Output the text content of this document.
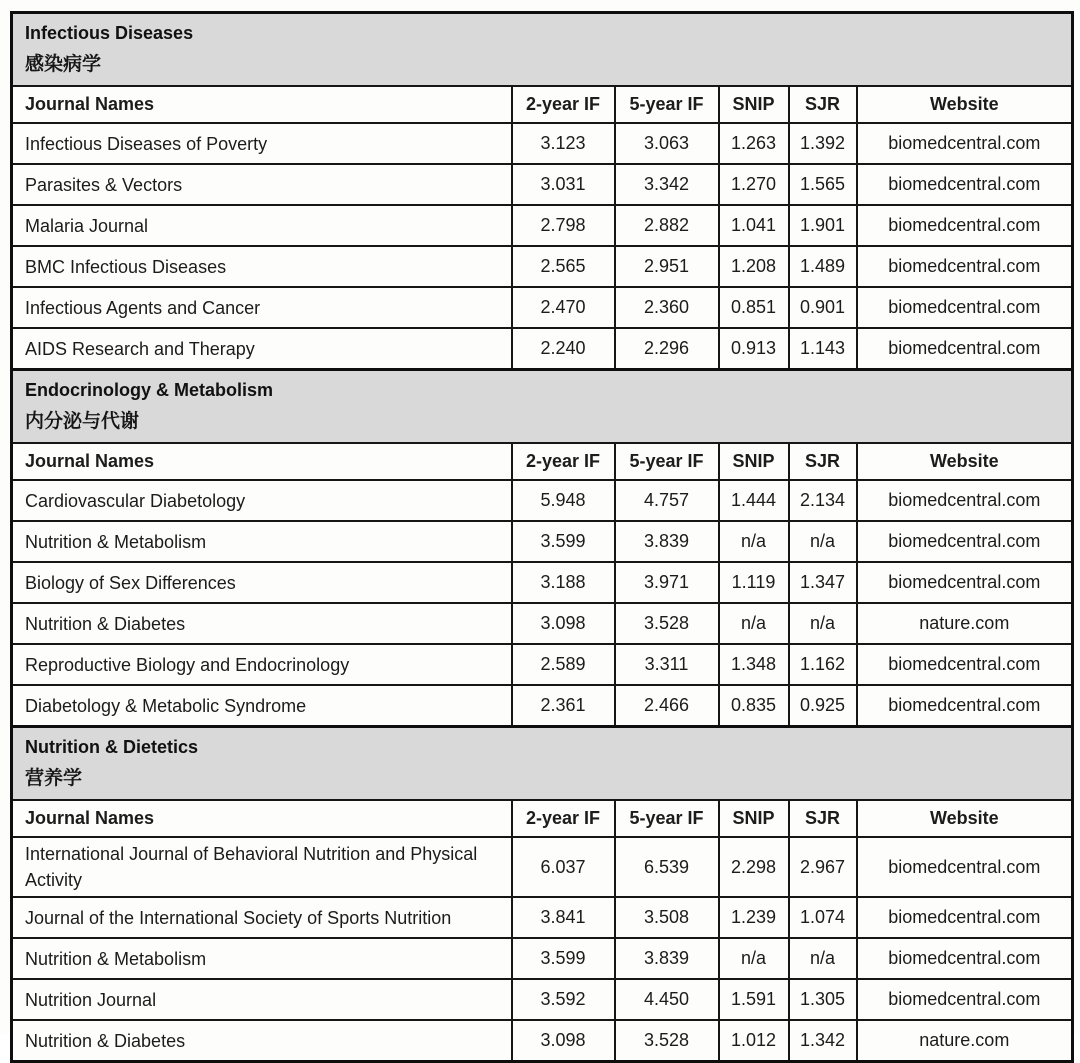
Infectious Diseases
感染病学					

Journal Names	2-year IF	5-year IF	SNIP	SJR	Website
Infectious Diseases of Poverty	3.123	3.063	1.263	1.392	biomedcentral.com
Parasites & Vectors	3.031	3.342	1.270	1.565	biomedcentral.com
Malaria Journal	2.798	2.882	1.041	1.901	biomedcentral.com
BMC Infectious Diseases	2.565	2.951	1.208	1.489	biomedcentral.com
Infectious Agents and Cancer	2.470	2.360	0.851	0.901	biomedcentral.com
AIDS Research and Therapy	2.240	2.296	0.913	1.143	biomedcentral.com

Endocrinology & Metabolism
内分泌与代谢					

Journal Names	2-year IF	5-year IF	SNIP	SJR	Website
Cardiovascular Diabetology	5.948	4.757	1.444	2.134	biomedcentral.com
Nutrition & Metabolism	3.599	3.839	n/a	n/a	biomedcentral.com
Biology of Sex Differences	3.188	3.971	1.119	1.347	biomedcentral.com
Nutrition & Diabetes	3.098	3.528	n/a	n/a	nature.com
Reproductive Biology and Endocrinology	2.589	3.311	1.348	1.162	biomedcentral.com
Diabetology & Metabolic Syndrome	2.361	2.466	0.835	0.925	biomedcentral.com

Nutrition & Dietetics
营养学					

Journal Names	2-year IF	5-year IF	SNIP	SJR	Website
International Journal of Behavioral Nutrition and Physical Activity	6.037	6.539	2.298	2.967	biomedcentral.com
Journal of the International Society of Sports Nutrition	3.841	3.508	1.239	1.074	biomedcentral.com
Nutrition & Metabolism	3.599	3.839	n/a	n/a	biomedcentral.com
Nutrition Journal	3.592	4.450	1.591	1.305	biomedcentral.com
Nutrition & Diabetes	3.098	3.528	1.012	1.342	nature.com
